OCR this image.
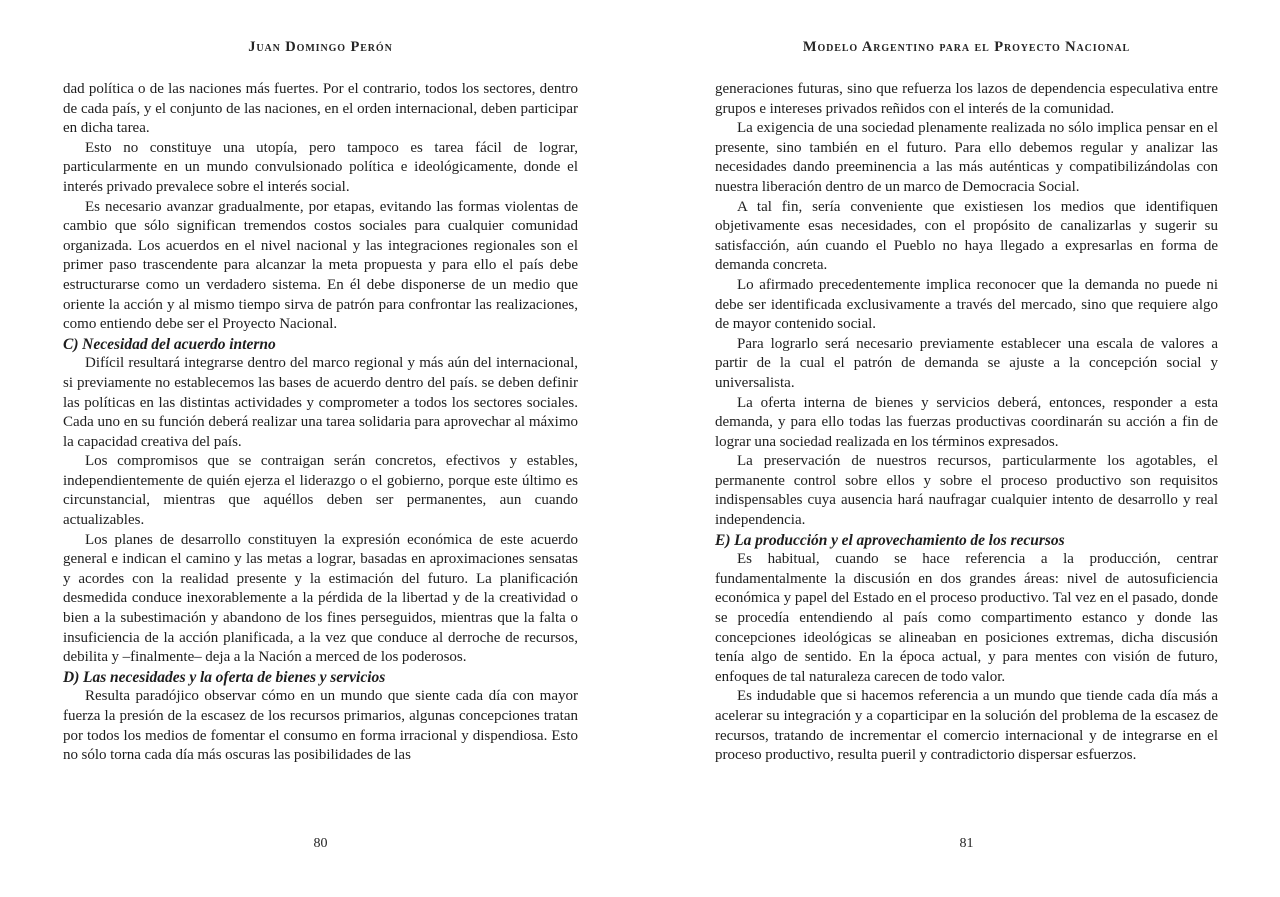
Juan Domingo Perón

dad política o de las naciones más fuertes. Por el contrario, todos los sectores, dentro de cada país, y el conjunto de las naciones, en el orden internacional, deben participar en dicha tarea.

Esto no constituye una utopía, pero tampoco es tarea fácil de lograr, particularmente en un mundo convulsionado política e ideológicamente, donde el interés privado prevalece sobre el interés social.

Es necesario avanzar gradualmente, por etapas, evitando las formas violentas de cambio que sólo significan tremendos costos sociales para cualquier comunidad organizada. Los acuerdos en el nivel nacional y las integraciones regionales son el primer paso trascendente para alcanzar la meta propuesta y para ello el país debe estructurarse como un verdadero sistema. En él debe disponerse de un medio que oriente la acción y al mismo tiempo sirva de patrón para confrontar las realizaciones, como entiendo debe ser el Proyecto Nacional.

C) Necesidad del acuerdo interno

Difícil resultará integrarse dentro del marco regional y más aún del internacional, si previamente no establecemos las bases de acuerdo dentro del país. se deben definir las políticas en las distintas actividades y comprometer a todos los sectores sociales. Cada uno en su función deberá realizar una tarea solidaria para aprovechar al máximo la capacidad creativa del país.

Los compromisos que se contraigan serán concretos, efectivos y estables, independientemente de quién ejerza el liderazgo o el gobierno, porque este último es circunstancial, mientras que aquéllos deben ser permanentes, aun cuando actualizables.

Los planes de desarrollo constituyen la expresión económica de este acuerdo general e indican el camino y las metas a lograr, basadas en aproximaciones sensatas y acordes con la realidad presente y la estimación del futuro. La planificación desmedida conduce inexorablemente a la pérdida de la libertad y de la creatividad o bien a la subestimación y abandono de los fines perseguidos, mientras que la falta o insuficiencia de la acción planificada, a la vez que conduce al derroche de recursos, debilita y –finalmente– deja a la Nación a merced de los poderosos.

D) Las necesidades y la oferta de bienes y servicios

Resulta paradójico observar cómo en un mundo que siente cada día con mayor fuerza la presión de la escasez de los recursos primarios, algunas concepciones tratan por todos los medios de fomentar el consumo en forma irracional y dispendiosa. Esto no sólo torna cada día más oscuras las posibilidades de las

80
Modelo Argentino para el Proyecto Nacional

generaciones futuras, sino que refuerza los lazos de dependencia especulativa entre grupos e intereses privados reñidos con el interés de la comunidad.

La exigencia de una sociedad plenamente realizada no sólo implica pensar en el presente, sino también en el futuro. Para ello debemos regular y analizar las necesidades dando preeminencia a las más auténticas y compatibilizándolas con nuestra liberación dentro de un marco de Democracia Social.

A tal fin, sería conveniente que existiesen los medios que identifiquen objetivamente esas necesidades, con el propósito de canalizarlas y sugerir su satisfacción, aún cuando el Pueblo no haya llegado a expresarlas en forma de demanda concreta.

Lo afirmado precedentemente implica reconocer que la demanda no puede ni debe ser identificada exclusivamente a través del mercado, sino que requiere algo de mayor contenido social.

Para lograrlo será necesario previamente establecer una escala de valores a partir de la cual el patrón de demanda se ajuste a la concepción social y universalista.

La oferta interna de bienes y servicios deberá, entonces, responder a esta demanda, y para ello todas las fuerzas productivas coordinarán su acción a fin de lograr una sociedad realizada en los términos expresados.

La preservación de nuestros recursos, particularmente los agotables, el permanente control sobre ellos y sobre el proceso productivo son requisitos indispensables cuya ausencia hará naufragar cualquier intento de desarrollo y real independencia.

E) La producción y el aprovechamiento de los recursos

Es habitual, cuando se hace referencia a la producción, centrar fundamentalmente la discusión en dos grandes áreas: nivel de autosuficiencia económica y papel del Estado en el proceso productivo. Tal vez en el pasado, donde se procedía entendiendo al país como compartimento estanco y donde las concepciones ideológicas se alineaban en posiciones extremas, dicha discusión tenía algo de sentido. En la época actual, y para mentes con visión de futuro, enfoques de tal naturaleza carecen de todo valor.

Es indudable que si hacemos referencia a un mundo que tiende cada día más a acelerar su integración y a coparticipar en la solución del problema de la escasez de recursos, tratando de incrementar el comercio internacional y de integrarse en el proceso productivo, resulta pueril y contradictorio dispersar esfuerzos.

81
